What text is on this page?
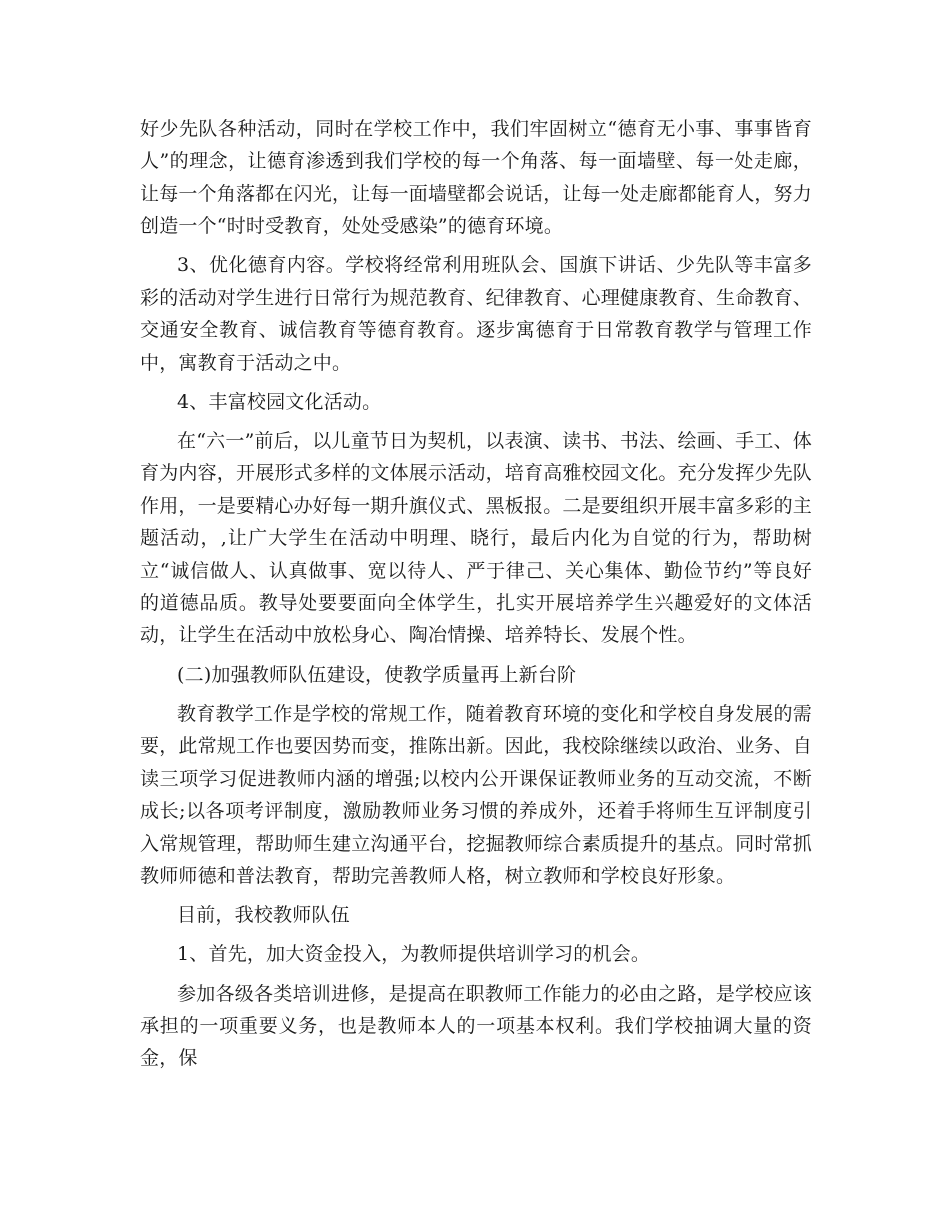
好少先队各种活动，同时在学校工作中，我们牢固树立“德育无小事、事事皆育人”的理念，让德育渗透到我们学校的每一个角落、每一面墙壁、每一处走廊，让每一个角落都在闪光，让每一面墙壁都会说话，让每一处走廊都能育人，努力创造一个“时时受教育，处处受感染”的德育环境。

3、优化德育内容。学校将经常利用班队会、国旗下讲话、少先队等丰富多彩的活动对学生进行日常行为规范教育、纪律教育、心理健康教育、生命教育、交通安全教育、诚信教育等德育教育。逐步寓德育于日常教育教学与管理工作中，寓教育于活动之中。

4、丰富校园文化活动。

在“六一”前后，以儿童节日为契机，以表演、读书、书法、绘画、手工、体育为内容，开展形式多样的文体展示活动，培育高雅校园文化。充分发挥少先队作用，一是要精心办好每一期升旗仪式、黑板报。二是要组织开展丰富多彩的主题活动，,让广大学生在活动中明理、晓行，最后内化为自觉的行为，帮助树立“诚信做人、认真做事、宽以待人、严于律己、关心集体、勤俭节约”等良好的道德品质。教导处要要面向全体学生，扎实开展培养学生兴趣爱好的文体活动，让学生在活动中放松身心、陶冶情操、培养特长、发展个性。

(二)加强教师队伍建设，使教学质量再上新台阶

教育教学工作是学校的常规工作，随着教育环境的变化和学校自身发展的需要，此常规工作也要因势而变，推陈出新。因此，我校除继续以政治、业务、自读三项学习促进教师内涵的增强;以校内公开课保证教师业务的互动交流，不断成长;以各项考评制度，激励教师业务习惯的养成外，还着手将师生互评制度引入常规管理，帮助师生建立沟通平台，挖掘教师综合素质提升的基点。同时常抓教师师德和普法教育，帮助完善教师人格，树立教师和学校良好形象。

目前，我校教师队伍

1、首先，加大资金投入，为教师提供培训学习的机会。

参加各级各类培训进修，是提高在职教师工作能力的必由之路，是学校应该承担的一项重要义务，也是教师本人的一项基本权利。我们学校抽调大量的资金，保
